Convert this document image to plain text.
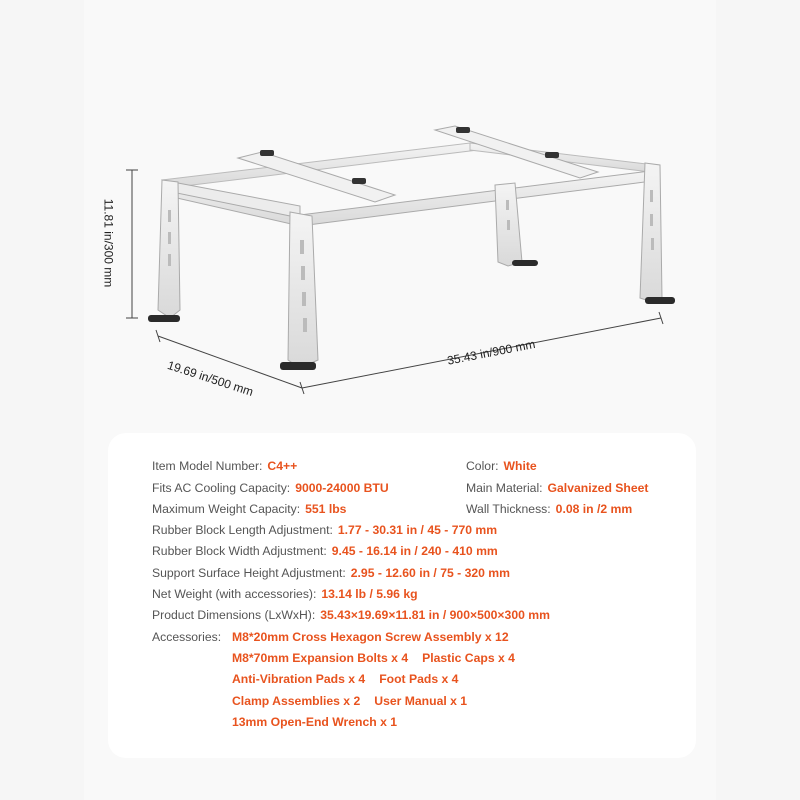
11.81 in/300 mm
19.69 in/500 mm
35.43 in/900 mm
Item Model Number: C4++	Color: White
Fits AC Cooling Capacity: 9000-24000 BTU	Main Material: Galvanized Sheet
Maximum Weight Capacity: 551 lbs	Wall Thickness: 0.08 in /2 mm
Rubber Block Length Adjustment: 1.77 - 30.31 in / 45 - 770 mm
Rubber Block Width Adjustment: 9.45 - 16.14 in / 240 - 410 mm
Support Surface Height Adjustment: 2.95 - 12.60 in / 75 - 320 mm
Net Weight (with accessories): 13.14 lb / 5.96 kg
Product Dimensions (LxWxH): 35.43×19.69×11.81 in / 900×500×300 mm
Accessories: M8*20mm Cross Hexagon Screw Assembly x 12
M8*70mm Expansion Bolts x 4 Plastic Caps x 4
Anti-Vibration Pads x 4 Foot Pads x 4
Clamp Assemblies x 2 User Manual x 1
13mm Open-End Wrench x 1
